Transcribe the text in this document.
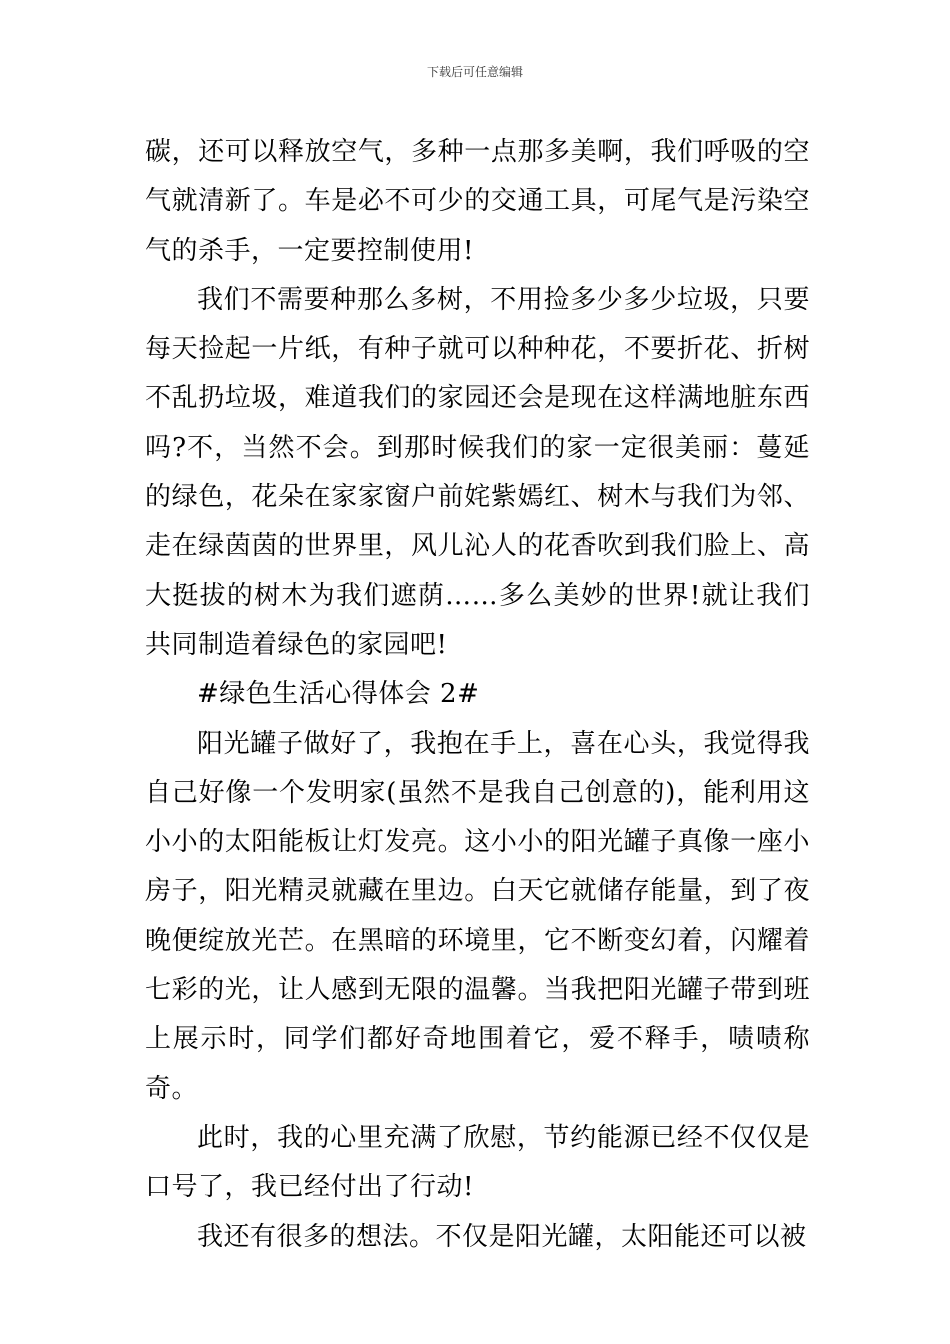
下载后可任意编辑

碳，还可以释放空气，多种一点那多美啊，我们呼吸的空气就清新了。车是必不可少的交通工具，可尾气是污染空气的杀手，一定要控制使用!

我们不需要种那么多树，不用捡多少多少垃圾，只要每天捡起一片纸，有种子就可以种种花，不要折花、折树不乱扔垃圾，难道我们的家园还会是现在这样满地脏东西吗?不，当然不会。到那时候我们的家一定很美丽：蔓延的绿色，花朵在家家窗户前姹紫嫣红、树木与我们为邻、走在绿茵茵的世界里，风儿沁人的花香吹到我们脸上、高大挺拔的树木为我们遮荫……多么美妙的世界!就让我们共同制造着绿色的家园吧!

#绿色生活心得体会 2#

阳光罐子做好了，我抱在手上，喜在心头，我觉得我自己好像一个发明家(虽然不是我自己创意的)，能利用这小小的太阳能板让灯发亮。这小小的阳光罐子真像一座小房子，阳光精灵就藏在里边。白天它就储存能量，到了夜晚便绽放光芒。在黑暗的环境里，它不断变幻着，闪耀着七彩的光，让人感到无限的温馨。当我把阳光罐子带到班上展示时，同学们都好奇地围着它，爱不释手，啧啧称奇。

此时，我的心里充满了欣慰，节约能源已经不仅仅是口号了，我已经付出了行动!

我还有很多的想法。不仅是阳光罐，太阳能还可以被
